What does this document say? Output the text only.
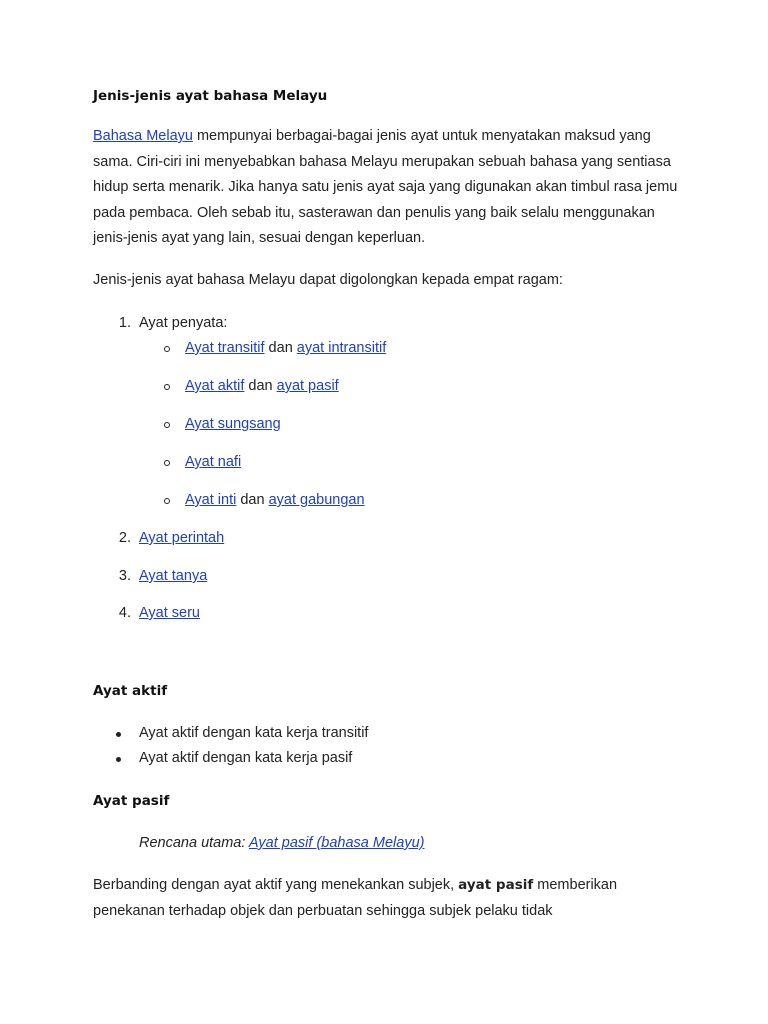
Jenis-jenis ayat bahasa Melayu
Bahasa Melayu mempunyai berbagai-bagai jenis ayat untuk menyatakan maksud yang sama. Ciri-ciri ini menyebabkan bahasa Melayu merupakan sebuah bahasa yang sentiasa hidup serta menarik. Jika hanya satu jenis ayat saja yang digunakan akan timbul rasa jemu pada pembaca. Oleh sebab itu, sasterawan dan penulis yang baik selalu menggunakan jenis-jenis ayat yang lain, sesuai dengan keperluan.
Jenis-jenis ayat bahasa Melayu dapat digolongkan kepada empat ragam:
1. Ayat penyata:
Ayat transitif dan ayat intransitif
Ayat aktif dan ayat pasif
Ayat sungsang
Ayat nafi
Ayat inti dan ayat gabungan
2. Ayat perintah
3. Ayat tanya
4. Ayat seru
Ayat aktif
Ayat aktif dengan kata kerja transitif
Ayat aktif dengan kata kerja pasif
Ayat pasif
Rencana utama: Ayat pasif (bahasa Melayu)
Berbanding dengan ayat aktif yang menekankan subjek, ayat pasif memberikan penekanan terhadap objek dan perbuatan sehingga subjek pelaku tidak
